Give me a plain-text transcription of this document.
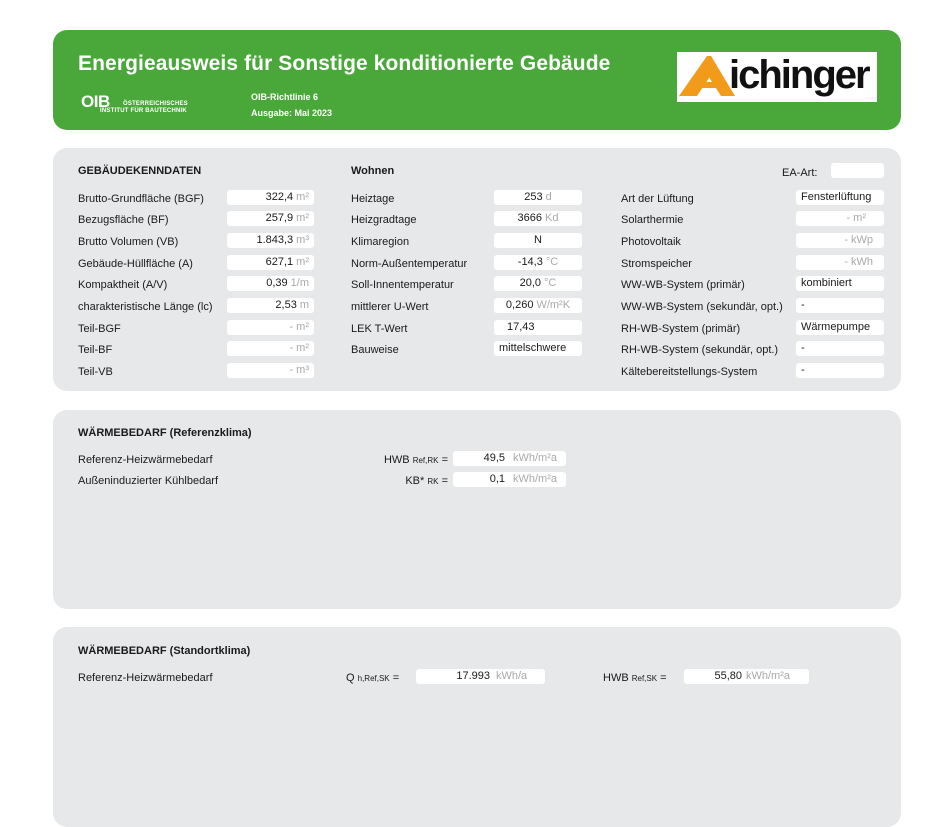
Energieausweis für Sonstige konditionierte Gebäude
OIB ÖSTERREICHISCHES
INSTITUT FÜR BAUTECHNIK
OIB-Richtlinie 6
Ausgabe: Mai 2023
ichinger
GEBÄUDEKENNDATEN	Wohnen	EA-Art:
Brutto-Grundfläche (BGF)	322,4 m²
Bezugsfläche (BF)	257,9 m²
Brutto Volumen (VB)	1.843,3 m³
Gebäude-Hüllfläche (A)	627,1 m²
Kompaktheit (A/V)	0,39 1/m
charakteristische Länge (lc)	2,53 m
Teil-BGF	- m²
Teil-BF	- m²
Teil-VB	- m³
Heiztage	253 d
Heizgradtage	3666 Kd
Klimaregion	N
Norm-Außentemperatur	-14,3 °C
Soll-Innentemperatur	20,0 °C
mittlerer U-Wert	0,260 W/m²K
LEK T-Wert	17,43
Bauweise	mittelschwere
Art der Lüftung	Fensterlüftung
Solarthermie	- m²
Photovoltaik	- kWp
Stromspeicher	- kWh
WW-WB-System (primär)	kombiniert
WW-WB-System (sekundär, opt.)	-
RH-WB-System (primär)	Wärmepumpe
RH-WB-System (sekundär, opt.)	-
Kältebereitstellungs-System	-
WÄRMEBEDARF (Referenzklima)
Referenz-Heizwärmebedarf	HWB Ref,RK =	49,5 kWh/m²a
Außeninduzierter Kühlbedarf	KB* RK =	0,1 kWh/m²a
WÄRMEBEDARF (Standortklima)
Referenz-Heizwärmebedarf	Q h,Ref,SK =	17.993 kWh/a	HWB Ref,SK =	55,80 kWh/m²a
